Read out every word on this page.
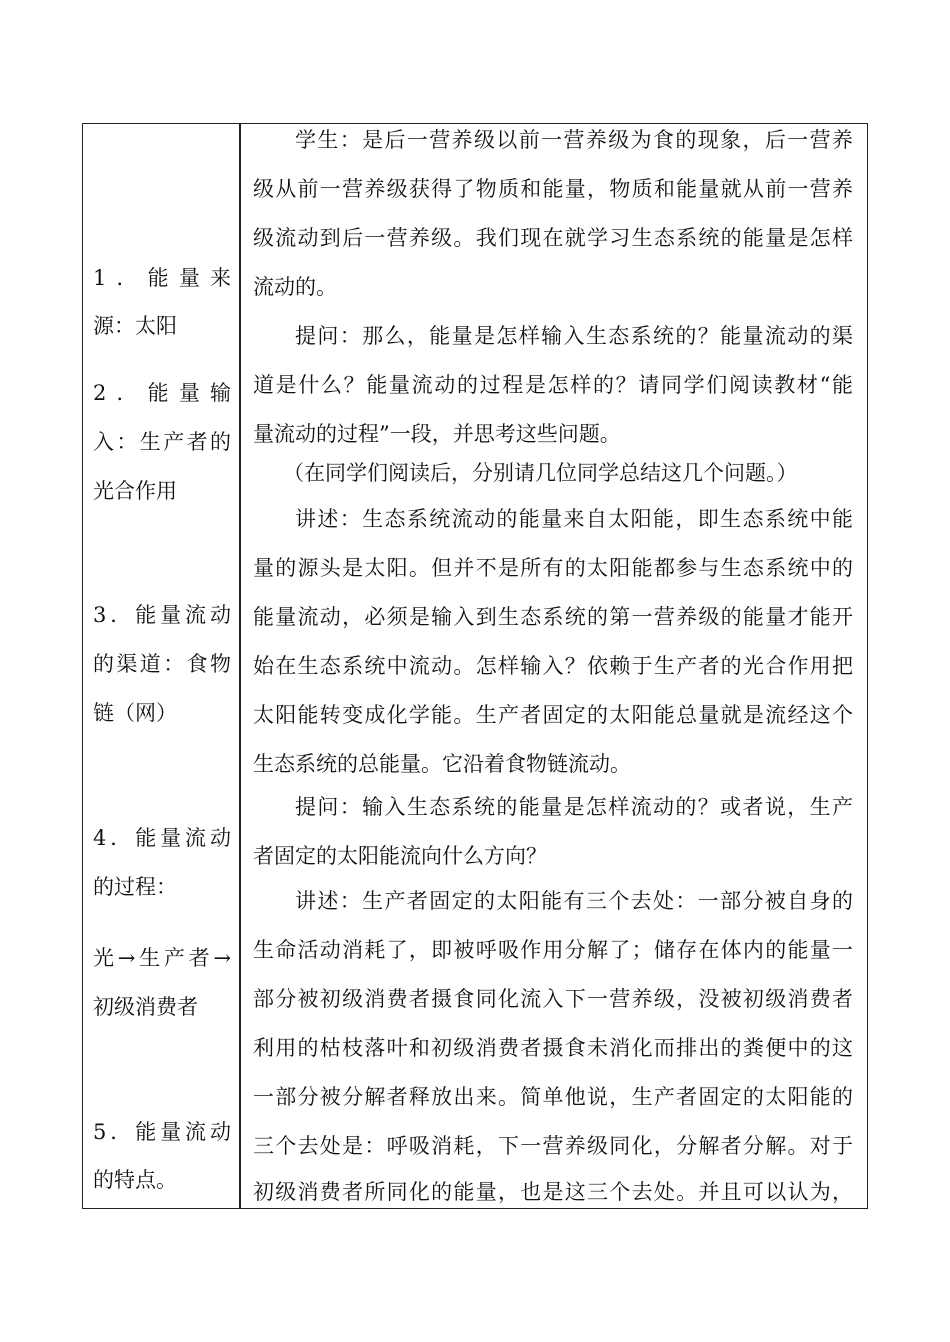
1．能量来
源：太阳
2．能量输
入：生产者的
光合作用
3．能量流动
的渠道：食物
链（网）
4．能量流动
的过程：
光→生产者→
初级消费者
5．能量流动
的特点。
学生：是后一营养级以前一营养级为食的现象，后一营养
级从前一营养级获得了物质和能量，物质和能量就从前一营养
级流动到后一营养级。我们现在就学习生态系统的能量是怎样
流动的。
提问：那么，能量是怎样输入生态系统的？能量流动的渠
道是什么？能量流动的过程是怎样的？请同学们阅读教材“能
量流动的过程”一段，并思考这些问题。
（在同学们阅读后，分别请几位同学总结这几个问题。）
讲述：生态系统流动的能量来自太阳能，即生态系统中能
量的源头是太阳。但并不是所有的太阳能都参与生态系统中的
能量流动，必须是输入到生态系统的第一营养级的能量才能开
始在生态系统中流动。怎样输入？依赖于生产者的光合作用把
太阳能转变成化学能。生产者固定的太阳能总量就是流经这个
生态系统的总能量。它沿着食物链流动。
提问：输入生态系统的能量是怎样流动的？或者说，生产
者固定的太阳能流向什么方向？
讲述：生产者固定的太阳能有三个去处：一部分被自身的
生命活动消耗了，即被呼吸作用分解了；储存在体内的能量一
部分被初级消费者摄食同化流入下一营养级，没被初级消费者
利用的枯枝落叶和初级消费者摄食未消化而排出的粪便中的这
一部分被分解者释放出来。简单他说，生产者固定的太阳能的
三个去处是：呼吸消耗，下一营养级同化，分解者分解。对于
初级消费者所同化的能量，也是这三个去处。并且可以认为，
